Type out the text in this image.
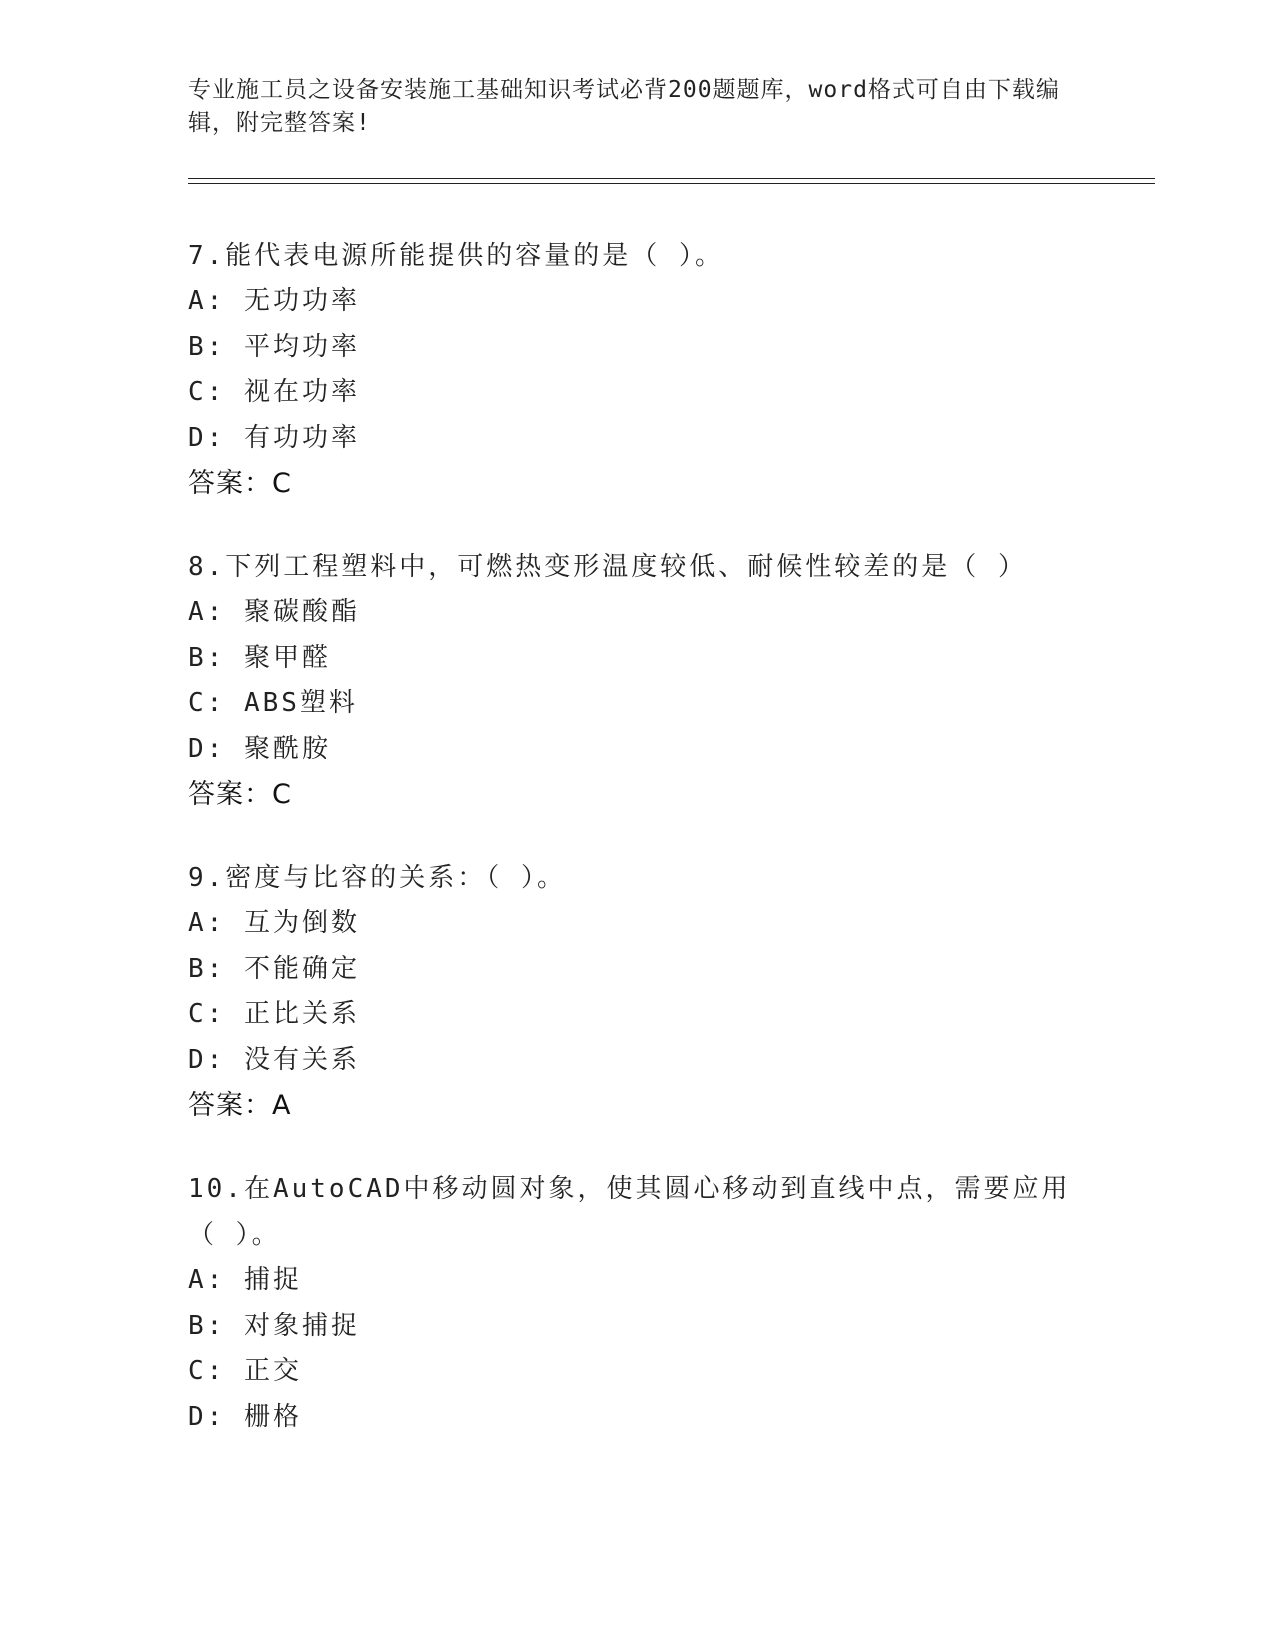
专业施工员之设备安装施工基础知识考试必背200题题库，word格式可自由下载编辑，附完整答案!
7.能代表电源所能提供的容量的是（ ）。
A: 无功功率
B: 平均功率
C: 视在功率
D: 有功功率
答案：C
8.下列工程塑料中，可燃热变形温度较低、耐候性较差的是（ ）
A: 聚碳酸酯
B: 聚甲醛
C: ABS塑料
D: 聚酰胺
答案：C
9.密度与比容的关系：（ ）。
A: 互为倒数
B: 不能确定
C: 正比关系
D: 没有关系
答案：A
10.在AutoCAD中移动圆对象，使其圆心移动到直线中点，需要应用（ ）。
A: 捕捉
B: 对象捕捉
C: 正交
D: 栅格
